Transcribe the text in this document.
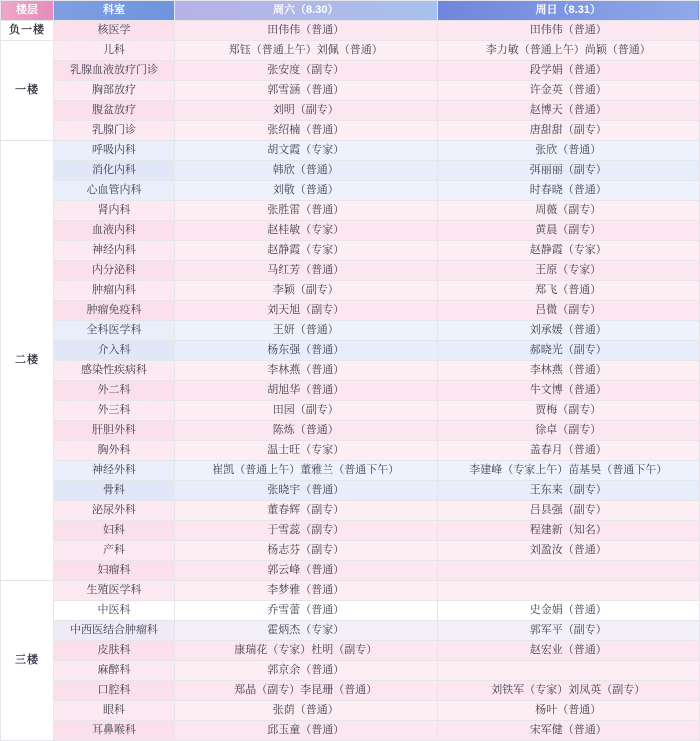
楼层	科室	周六（8.30）	周日（8.31）
负一楼	核医学	田伟伟（普通）	田伟伟（普通）
一楼	儿科	郑钰（普通上午）刘佩（普通）	李力敏（普通上午）尚颖（普通）
	乳腺血液放疗门诊	张安度（副专）	段学娟（普通）
	胸部放疗	郭雪涵（普通）	许金英（普通）
	腹盆放疗	刘明（副专）	赵博天（普通）
	乳腺门诊	张绍楠（普通）	唐甜甜（副专）
二楼	呼吸内科	胡文霞（专家）	张欣（普通）
	消化内科	韩欣（普通）	弭丽丽（副专）
	心血管内科	刘敬（普通）	时春晓（普通）
	肾内科	张胜雷（普通）	周薇（副专）
	血液内科	赵桂敏（专家）	黄晨（副专）
	神经内科	赵静霞（专家）	赵静霞（专家）
	内分泌科	马红芳（普通）	王原（专家）
	肿瘤内科	李颖（副专）	郑飞（普通）
	肿瘤免疫科	刘天旭（副专）	吕微（副专）
	全科医学科	王妍（普通）	刘承媛（普通）
	介入科	杨东强（普通）	郝晓光（副专）
	感染性疾病科	李林燕（普通）	李林燕（普通）
	外二科	胡旭华（普通）	牛文博（普通）
	外三科	田园（副专）	贾梅（副专）
	肝胆外科	陈炼（普通）	徐卓（副专）
	胸外科	温士旺（专家）	盖春月（普通）
	神经外科	崔凯（普通上午）董雅兰（普通下午）	李建峰（专家上午）苗基昊（普通下午）
	骨科	张晓宇（普通）	王东来（副专）
	泌尿外科	董春辉（副专）	吕县强（副专）
	妇科	于雪蕊（副专）	程建新（知名）
	产科	杨志芬（副专）	刘盈汝（普通）
	妇瘤科	郭云峰（普通）	
三楼	生殖医学科	李梦雅（普通）	
	中医科	乔雪蕾（普通）	史金娟（普通）
	中西医结合肿瘤科	霍炳杰（专家）	郭军平（副专）
	皮肤科	康瑞花（专家）杜明（副专）	赵宏业（普通）
	麻醉科	郭京余（普通）	
	口腔科	郑晶（副专）李昆珊（普通）	刘铁军（专家）刘凤英（副专）
	眼科	张荫（普通）	杨叶（普通）
	耳鼻喉科	邱玉童（普通）	宋军健（普通）
